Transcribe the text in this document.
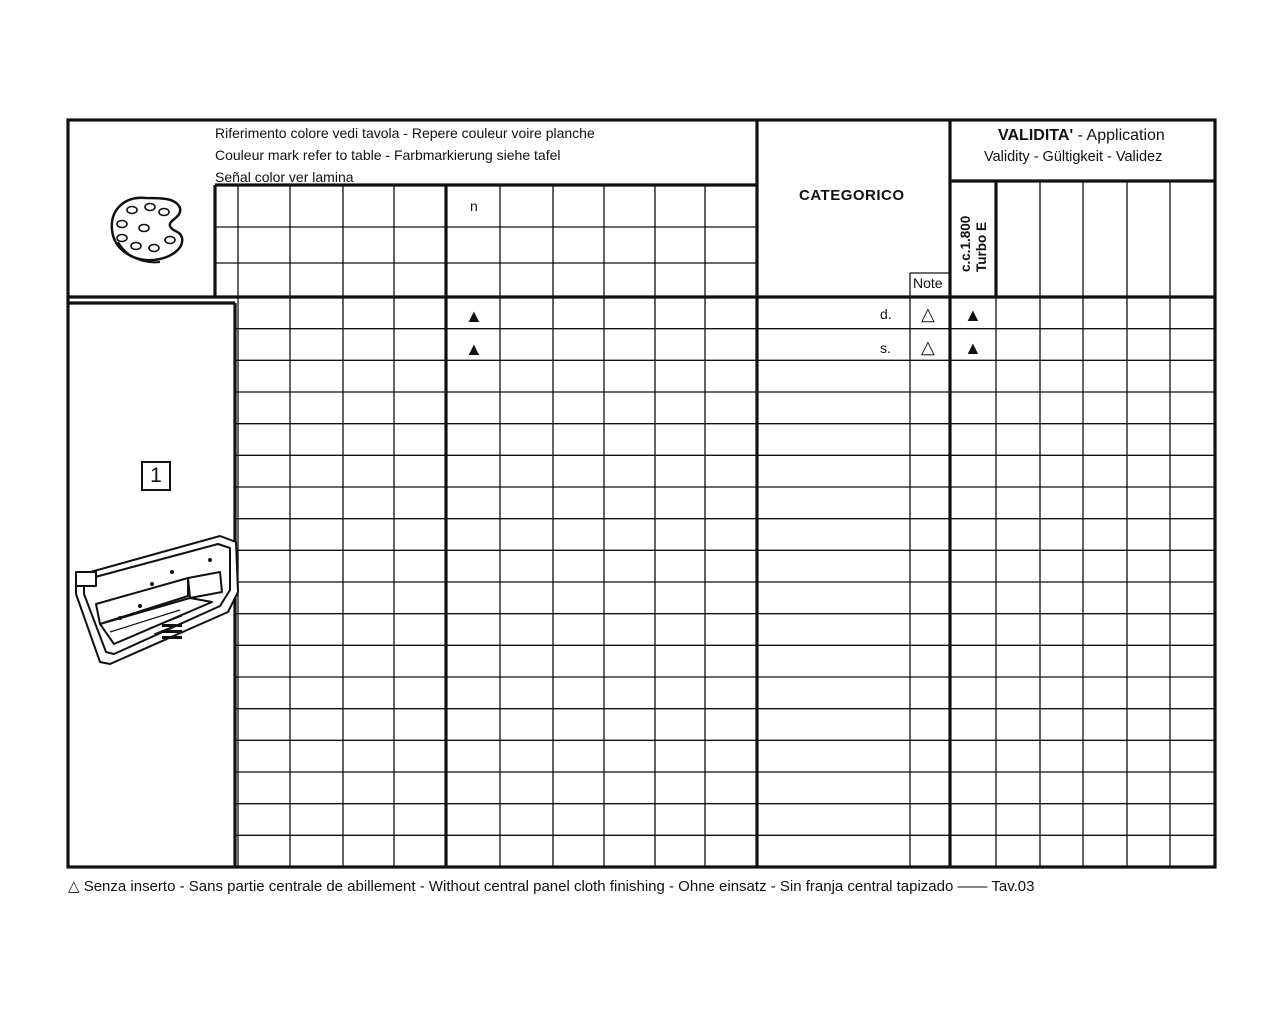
Riferimento colore vedi tavola - Repere couleur voire planche
Couleur mark refer to table - Farbmarkierung siehe tafel
Señal color ver lamina
n
CATEGORICO
Note
VALIDITA' - Application
Validity - Gültigkeit - Validez
c.c.1.800 Turbo E
1
▲	d. △ ▲
▲	s. △ ▲
△ Senza inserto - Sans partie centrale de abillement - Without central panel cloth finishing - Ohne einsatz - Sin franja central tapizado —— Tav.03
